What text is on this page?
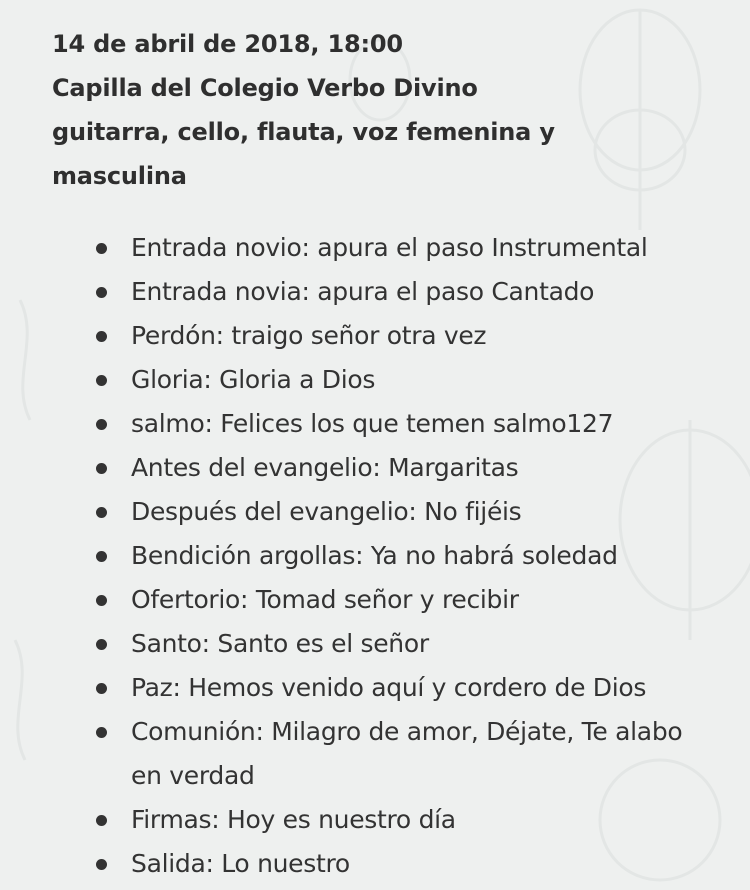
14 de abril de 2018, 18:00
Capilla del Colegio Verbo Divino
guitarra, cello, flauta, voz femenina y
masculina
Entrada novio: apura el paso Instrumental
Entrada novia: apura el paso Cantado
Perdón: traigo señor otra vez
Gloria: Gloria a Dios
salmo: Felices los que temen salmo127
Antes del evangelio: Margaritas
Después del evangelio: No fijéis
Bendición argollas: Ya no habrá soledad
Ofertorio: Tomad señor y recibir
Santo: Santo es el señor
Paz: Hemos venido aquí y cordero de Dios
Comunión: Milagro de amor, Déjate, Te alabo en verdad
Firmas: Hoy es nuestro día
Salida: Lo nuestro
